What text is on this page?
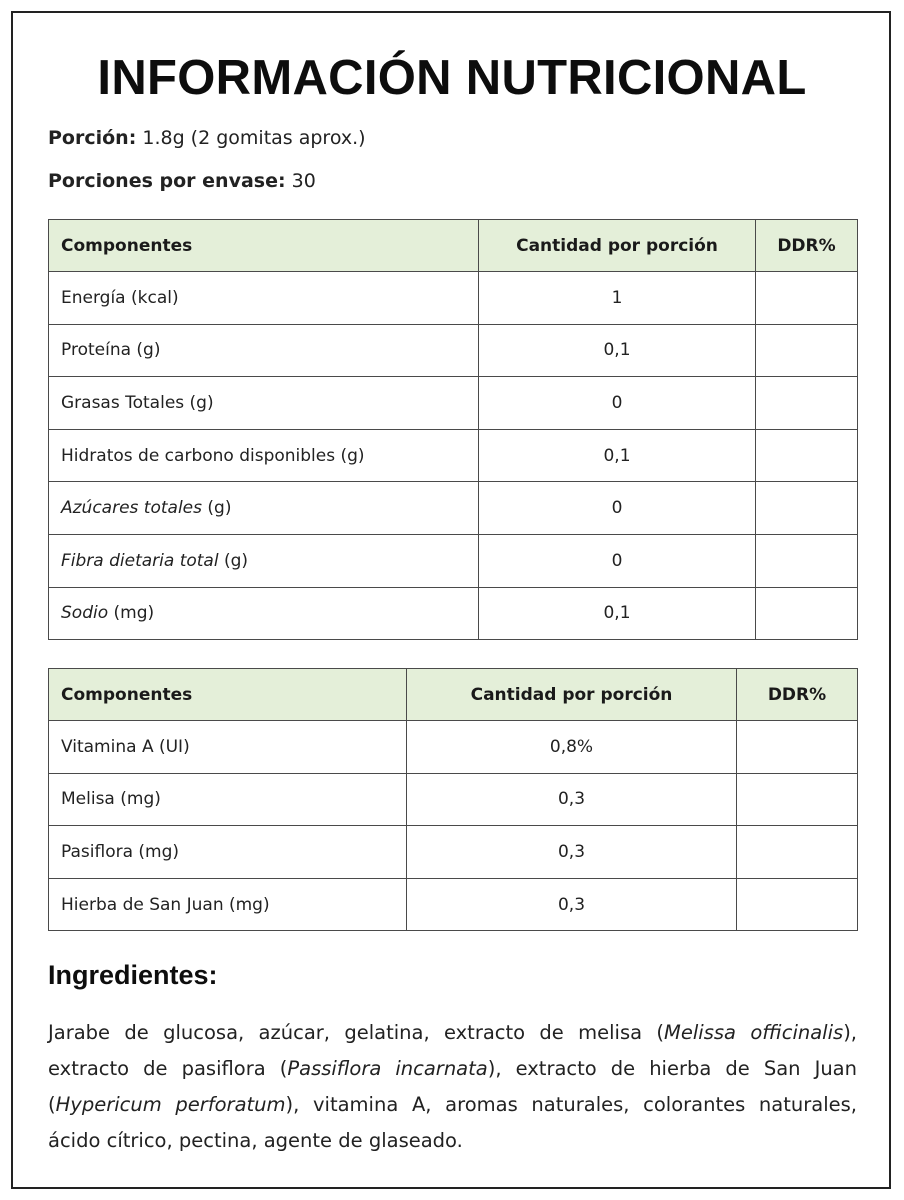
INFORMACIÓN NUTRICIONAL
Porción: 1.8g (2 gomitas aprox.)
Porciones por envase: 30
Componentes	Cantidad por porción	DDR%
Energía (kcal)	1	
Proteína (g)	0,1	
Grasas Totales (g)	0	
Hidratos de carbono disponibles (g)	0,1	
Azúcares totales (g)	0	
Fibra dietaria total (g)	0	
Sodio (mg)	0,1	
Componentes	Cantidad por porción	DDR%
Vitamina A (UI)	0,8%	
Melisa (mg)	0,3	
Pasiflora (mg)	0,3	
Hierba de San Juan (mg)	0,3	
Ingredientes:
Jarabe de glucosa, azúcar, gelatina, extracto de melisa (Melissa officinalis), extracto de pasiflora (Passiflora incarnata), extracto de hierba de San Juan (Hypericum perforatum), vitamina A, aromas naturales, colorantes naturales, ácido cítrico, pectina, agente de glaseado.
